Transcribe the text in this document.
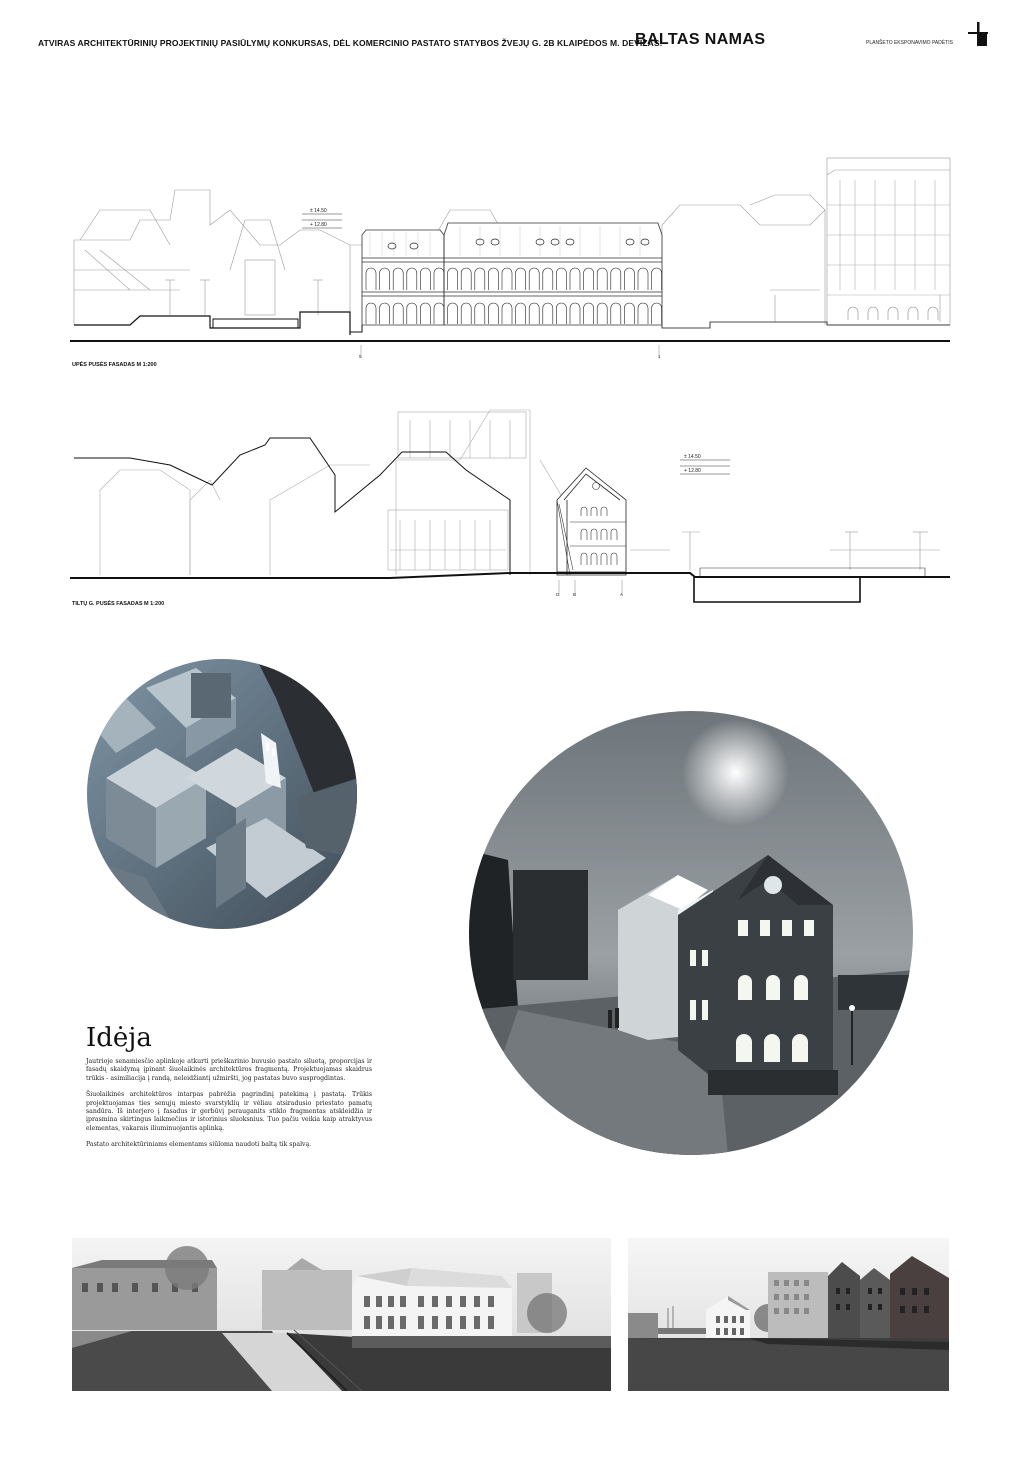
ATVIRAS ARCHITEKTŪRINIŲ PROJEKTINIŲ PASIŪLYMŲ KONKURSAS, DĖL KOMERCINIO PASTATO STATYBOS ŽVEJŲ G. 2B KLAIPĖDOS M. DEVIZAS:
BALTAS NAMAS	PLANŠETO EKSPONAVIMO PADĖTIS
± 14.50
+ 12.80
5	1
UPĖS PUSĖS FASADAS M 1:200
± 14.50
+ 12.80
D	B	A
TILTŲ G. PUSĖS FASADAS M 1:200
Idėja

Jautrioje senamiesčio aplinkoje atkurti prieškarinio buvusio pastato siluetą, proporcijas ir fasadų skaidymą įpinant šiuolaikinės architektūros fragmentą. Projektuojamas skaidrus trūkis - asimiliacija į randą, neleidžiantį užmiršti, jog pastatas buvo susprogdintas.

Šiuolaikinės architektūros intarpas pabrėžia pagrindinį patekimą į pastatą. Trūkis projektuojamas ties senųjų miesto svarstyklių ir vėliau atsiradusio priestato pamatų sandūra. Iš interjero į fasadus ir gerbūvį perauganits stiklo fragmentas atskleidžia ir įprasmina skirtingus laikmečius ir istorinius sluoksnius. Tuo pačiu veikia kaip atraktyvus elementas, vakarais iliuminuojantis aplinką.

Pastato architektūriniams elementams siūloma naudoti baltą tik spalvą.
